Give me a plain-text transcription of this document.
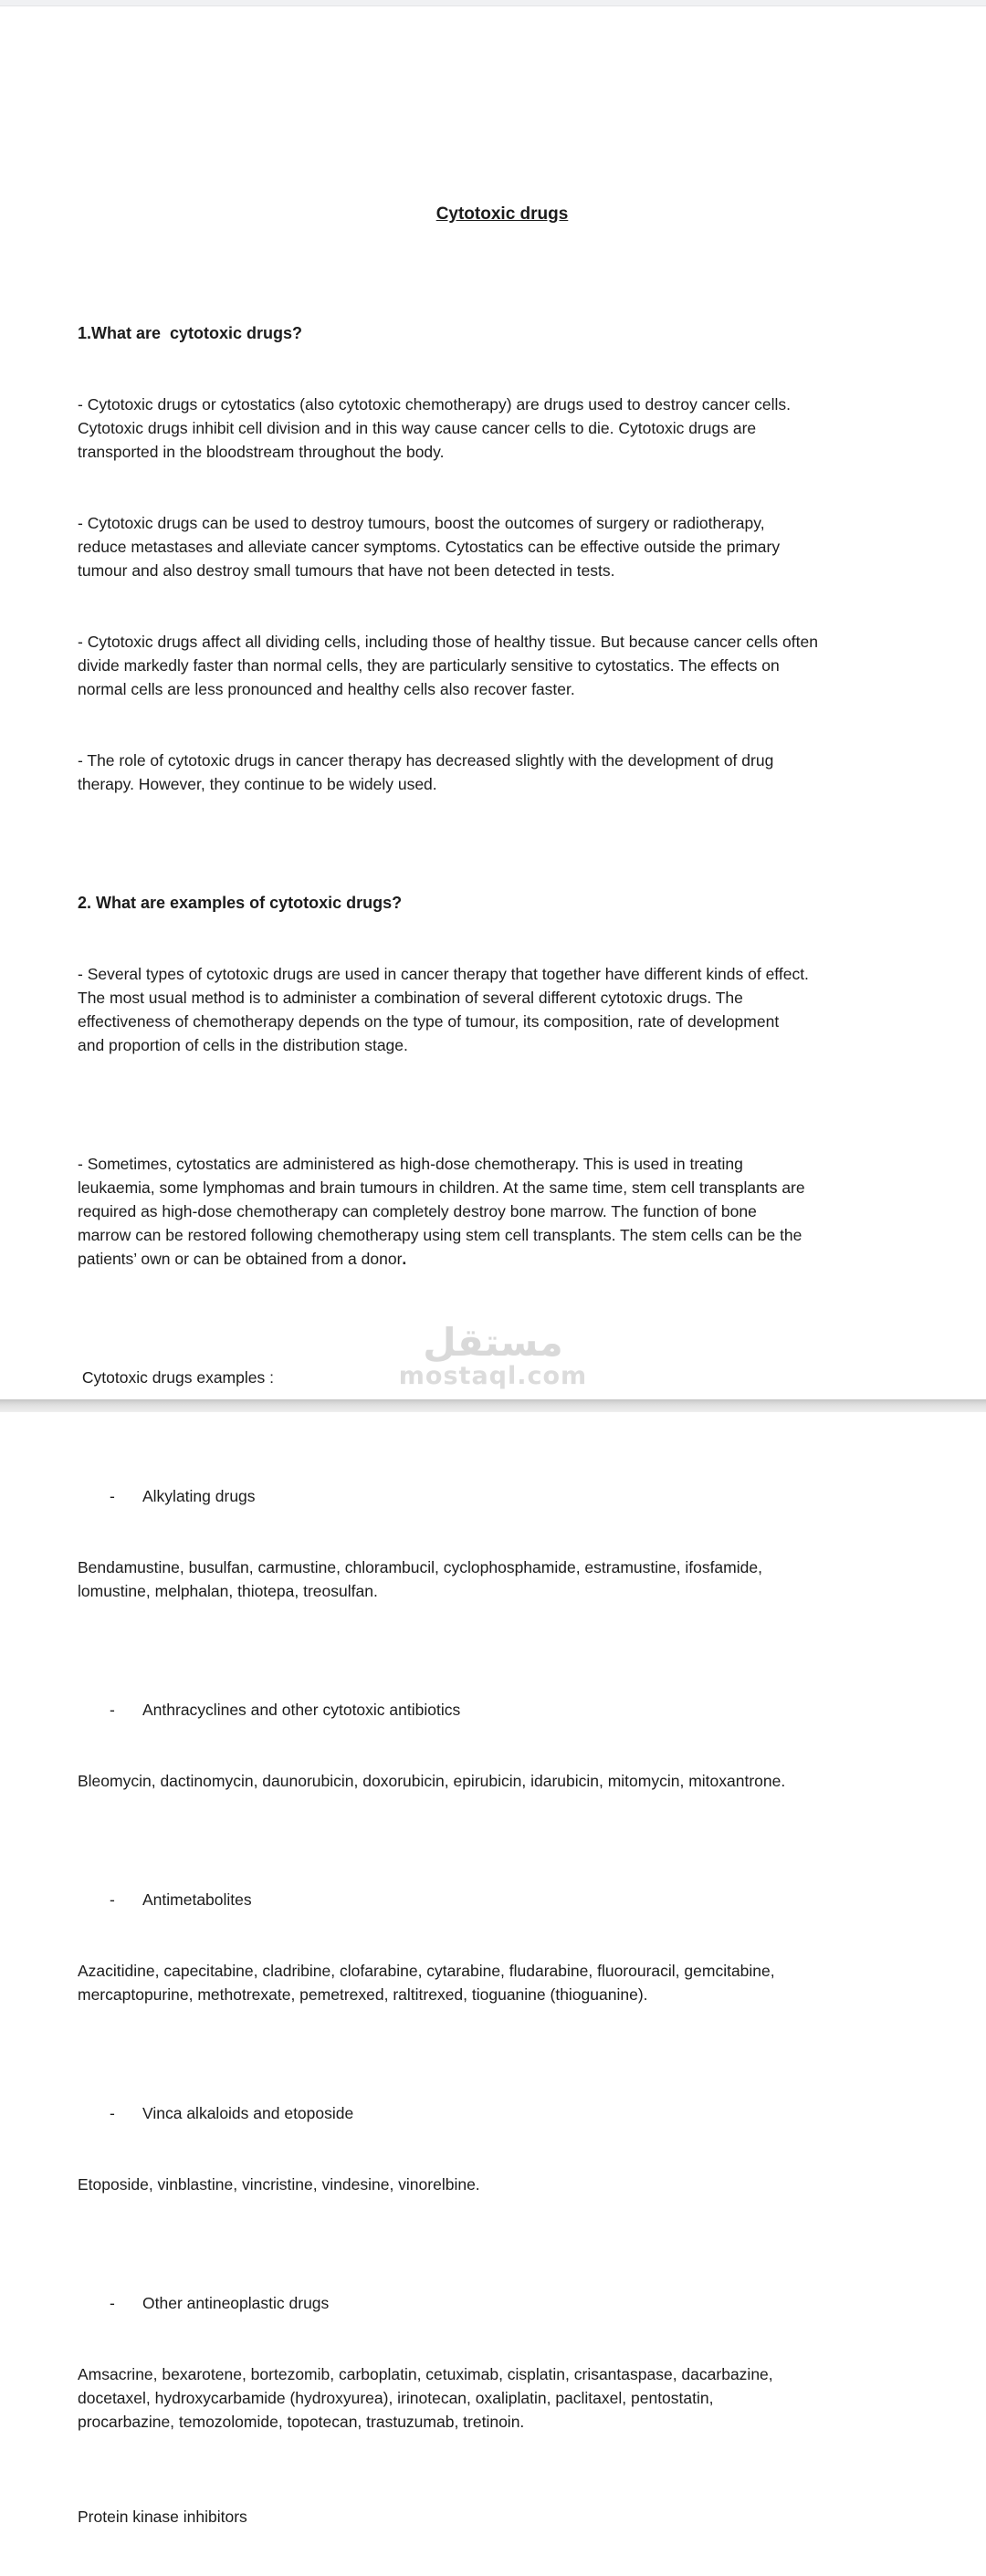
Cytotoxic drugs

1.What are  cytotoxic drugs?

- Cytotoxic drugs or cytostatics (also cytotoxic chemotherapy) are drugs used to destroy cancer cells.
Cytotoxic drugs inhibit cell division and in this way cause cancer cells to die. Cytotoxic drugs are
transported in the bloodstream throughout the body.

- Cytotoxic drugs can be used to destroy tumours, boost the outcomes of surgery or radiotherapy,
reduce metastases and alleviate cancer symptoms. Cytostatics can be effective outside the primary
tumour and also destroy small tumours that have not been detected in tests.

- Cytotoxic drugs affect all dividing cells, including those of healthy tissue. But because cancer cells often
divide markedly faster than normal cells, they are particularly sensitive to cytostatics. The effects on
normal cells are less pronounced and healthy cells also recover faster.

- The role of cytotoxic drugs in cancer therapy has decreased slightly with the development of drug
therapy. However, they continue to be widely used.

2. What are examples of cytotoxic drugs?

- Several types of cytotoxic drugs are used in cancer therapy that together have different kinds of effect.
The most usual method is to administer a combination of several different cytotoxic drugs. The
effectiveness of chemotherapy depends on the type of tumour, its composition, rate of development
and proportion of cells in the distribution stage.

- Sometimes, cytostatics are administered as high-dose chemotherapy. This is used in treating
leukaemia, some lymphomas and brain tumours in children. At the same time, stem cell transplants are
required as high-dose chemotherapy can completely destroy bone marrow. The function of bone
marrow can be restored following chemotherapy using stem cell transplants. The stem cells can be the
patients’ own or can be obtained from a donor.

Cytotoxic drugs examples :

- Alkylating drugs

Bendamustine, busulfan, carmustine, chlorambucil, cyclophosphamide, estramustine, ifosfamide,
lomustine, melphalan, thiotepa, treosulfan.

- Anthracyclines and other cytotoxic antibiotics

Bleomycin, dactinomycin, daunorubicin, doxorubicin, epirubicin, idarubicin, mitomycin, mitoxantrone.

- Antimetabolites

Azacitidine, capecitabine, cladribine, clofarabine, cytarabine, fludarabine, fluorouracil, gemcitabine,
mercaptopurine, methotrexate, pemetrexed, raltitrexed, tioguanine (thioguanine).

- Vinca alkaloids and etoposide

Etoposide, vinblastine, vincristine, vindesine, vinorelbine.

- Other antineoplastic drugs

Amsacrine, bexarotene, bortezomib, carboplatin, cetuximab, cisplatin, crisantaspase, dacarbazine,
docetaxel, hydroxycarbamide (hydroxyurea), irinotecan, oxaliplatin, paclitaxel, pentostatin,
procarbazine, temozolomide, topotecan, trastuzumab, tretinoin.

Protein kinase inhibitors

مستقل
mostaql.com
